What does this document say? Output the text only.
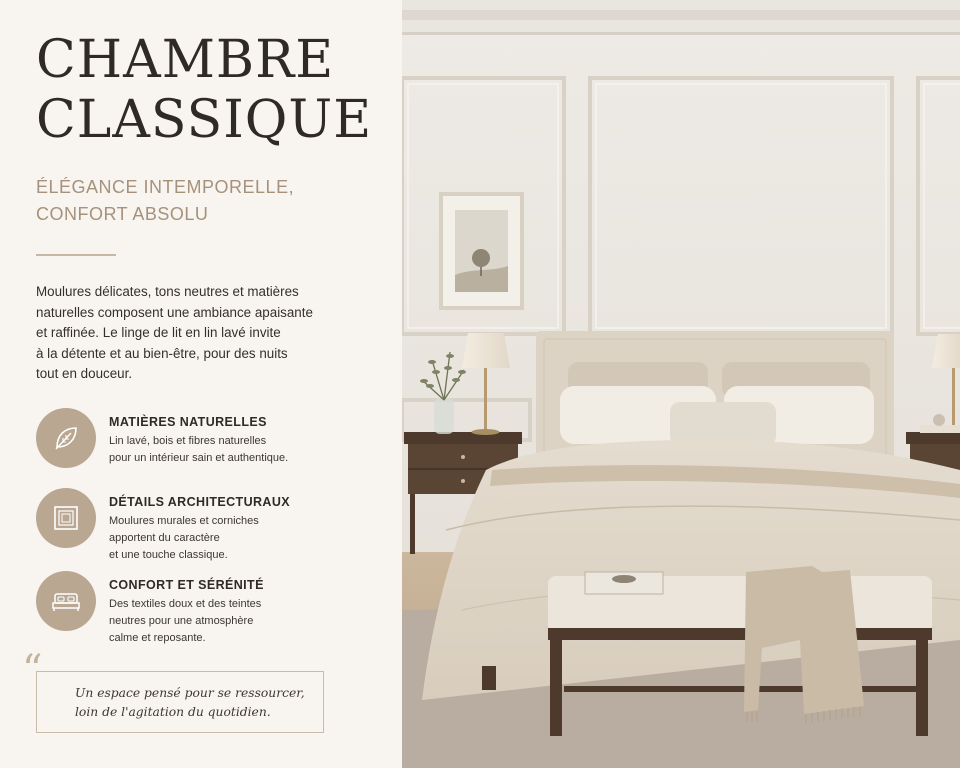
CHAMBRE
CLASSIQUE
ÉLÉGANCE INTEMPORELLE,
CONFORT ABSOLU
Moulures délicates, tons neutres et matières
naturelles composent une ambiance apaisante
et raffinée. Le linge de lit en lin lavé invite
à la détente et au bien-être, pour des nuits
tout en douceur.
MATIÈRES NATURELLES
Lin lavé, bois et fibres naturelles
pour un intérieur sain et authentique.
DÉTAILS ARCHITECTURAUX
Moulures murales et corniches
apportent du caractère
et une touche classique.
CONFORT ET SÉRÉNITÉ
Des textiles doux et des teintes
neutres pour une atmosphère
calme et reposante.
“	Un espace pensé pour se ressourcer,
loin de l'agitation du quotidien.
